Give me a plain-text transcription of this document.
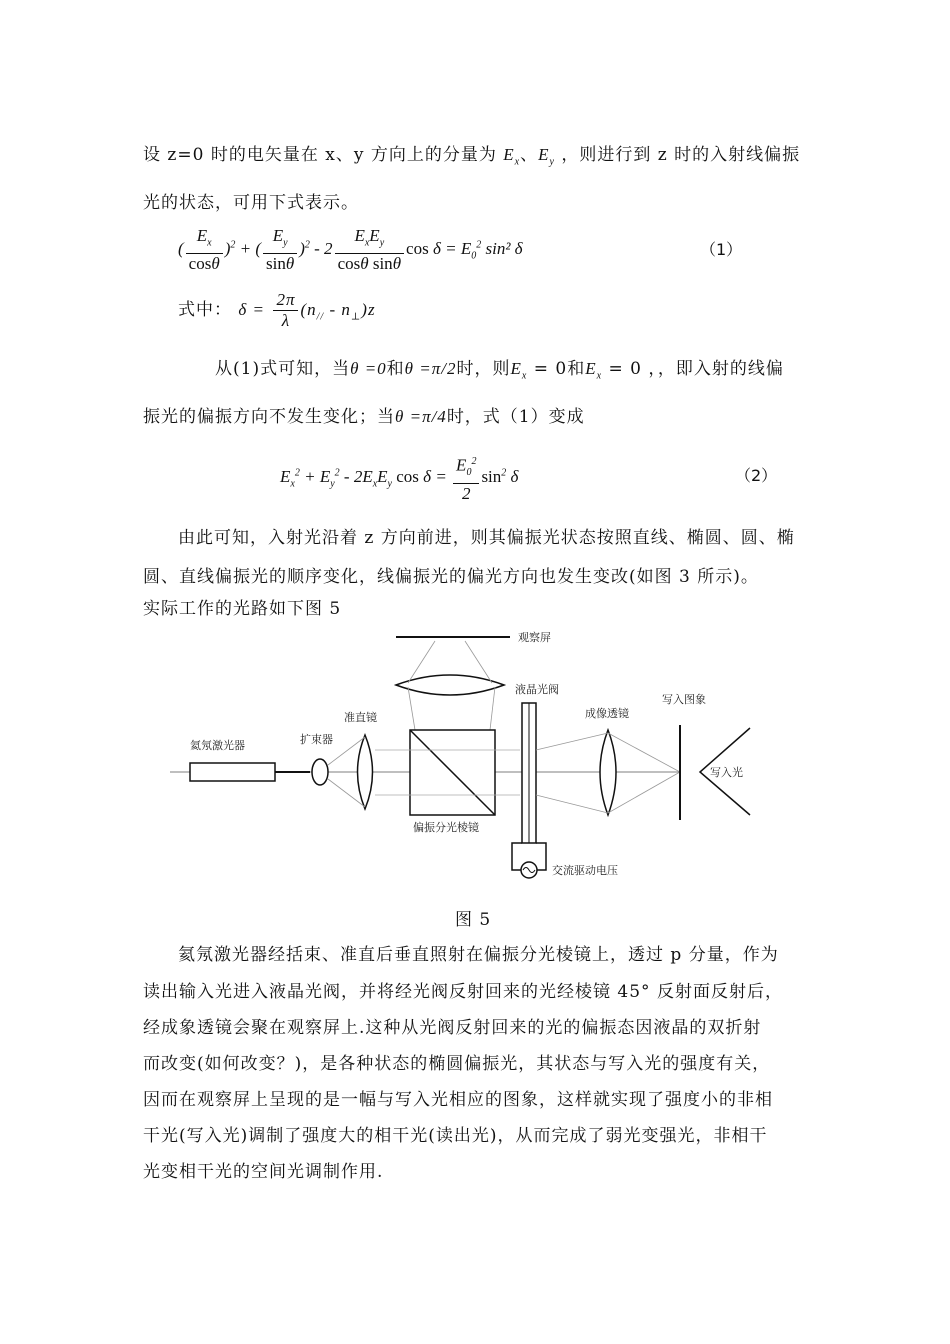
设 z=0 时的电矢量在 x、y 方向上的分量为 $E_x$、$E_y$ ，则进行到 z 时的入射线偏振
光的状态，可用下式表示。
( $\frac{E_x}{\cos\theta} )^2$ + ( $\frac{E_y}{\sin\theta} )^2 - 2 \frac{E_xE_y}{\text{cosθ sinθ}}$ $\cos \delta = E_0^2$ sin² δ	（1）
式中： $\delta = \frac{2\pi}{\lambda} (n_{//} - n_\perp)z$
从(1)式可知，当θ =0和θ =π/2时，则$E_x = 0$和$E_x = 0$ ，，即入射的线偏
振光的偏振方向不发生变化；当θ =π/4时，式（1）变成
$E_x^2 + E_y^2 - 2E_xE_y$ $\cos \delta = \frac{E_0^2}{2} \sin^2 \delta$	（2）
由此可知，入射光沿着 z 方向前进，则其偏振光状态按照直线、椭圆、圆、椭
圆、直线偏振光的顺序变化，线偏振光的偏光方向也发生变改(如图 3 所示)。
实际工作的光路如下图 5
观察屏
氦氖激光器	扩束器
准直镜
偏振分光棱镜
液晶光阀
交流驱动电压
成像透镜
写入图象
写入光
图 5
氦氖激光器经括束、准直后垂直照射在偏振分光棱镜上，透过 p 分量，作为
读出输入光进入液晶光阀，并将经光阀反射回来的光经棱镜 45° 反射面反射后，
经成象透镜会聚在观察屏上.这种从光阀反射回来的光的偏振态因液晶的双折射
而改变(如何改变？)，是各种状态的椭圆偏振光，其状态与写入光的强度有关，
因而在观察屏上呈现的是一幅与写入光相应的图象，这样就实现了强度小的非相
干光(写入光)调制了强度大的相干光(读出光)，从而完成了弱光变强光，非相干
光变相干光的空间光调制作用.
